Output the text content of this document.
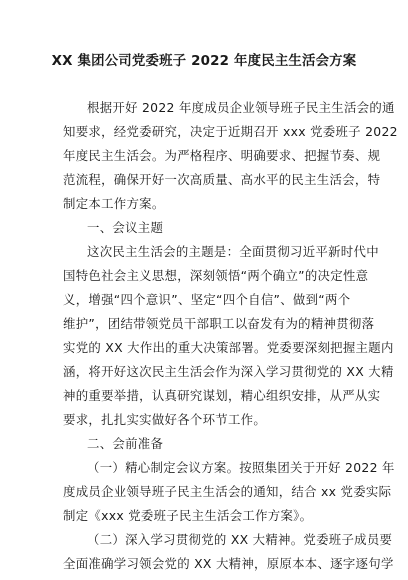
XX 集团公司党委班子 2022 年度民主生活会方案
根据开好 2022 年度成员企业领导班子民主生活会的通
知要求，经党委研究，决定于近期召开 xxx 党委班子 2022
年度民主生活会。为严格程序、明确要求、把握节奏、规
范流程，确保开好一次高质量、高水平的民主生活会，特
制定本工作方案。
一、会议主题
这次民主生活会的主题是：全面贯彻习近平新时代中
国特色社会主义思想，深刻领悟“两个确立”的决定性意
义，增强“四个意识”、坚定“四个自信”、做到“两个
维护”，团结带领党员干部职工以奋发有为的精神贯彻落
实党的 XX 大作出的重大决策部署。党委要深刻把握主题内
涵，将开好这次民主生活会作为深入学习贯彻党的 XX 大精
神的重要举措，认真研究谋划，精心组织安排，从严从实
要求，扎扎实实做好各个环节工作。
二、会前准备
（一）精心制定会议方案。按照集团关于开好 2022 年
度成员企业领导班子民主生活会的通知，结合 xx 党委实际
制定《xxx 党委班子民主生活会工作方案》。
（二）深入学习贯彻党的 XX 大精神。党委班子成员要
全面准确学习领会党的 XX 大精神，原原本本、逐字逐句学
